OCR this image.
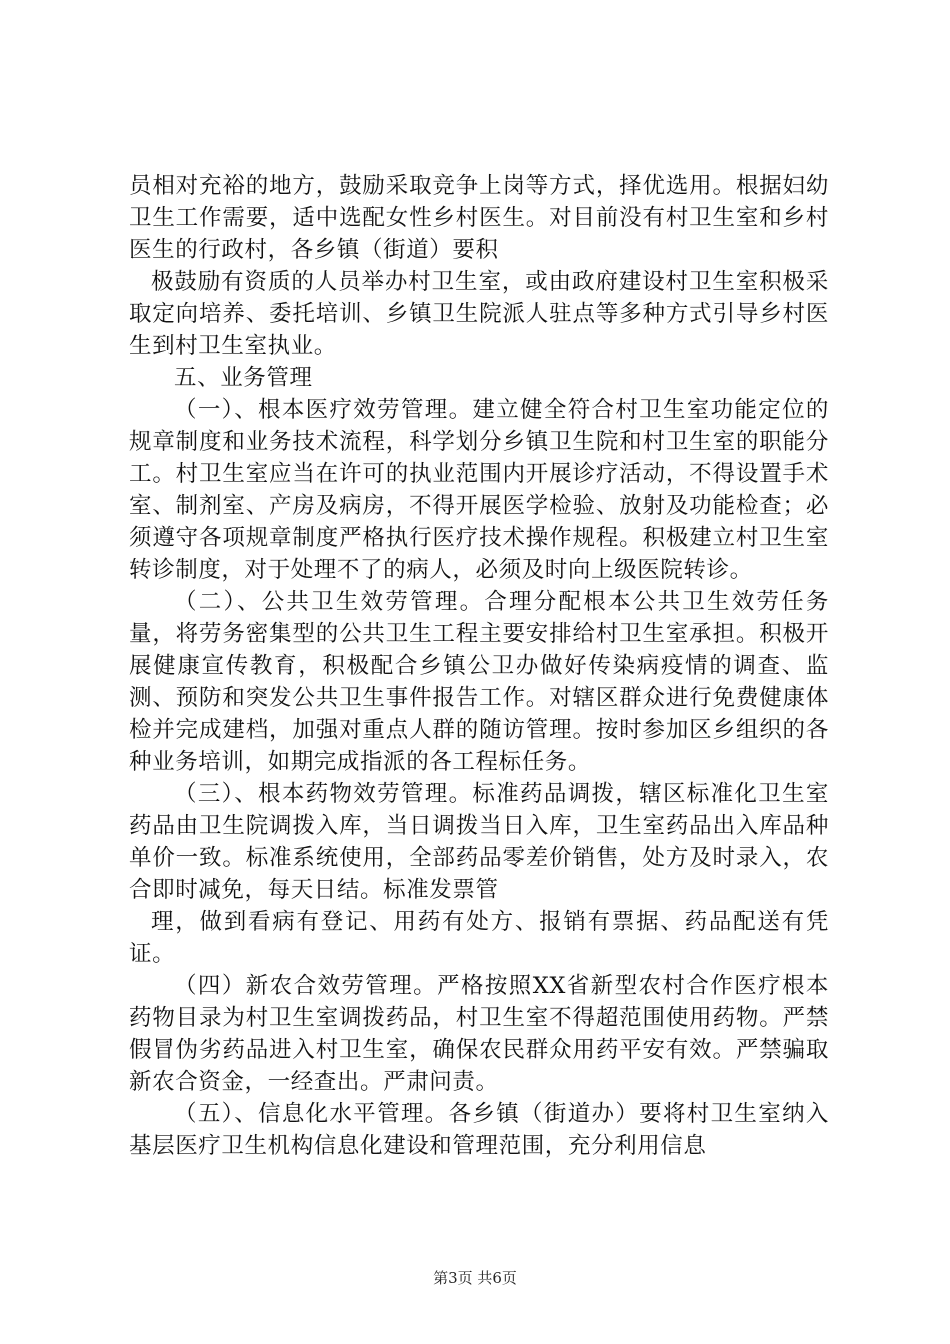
员相对充裕的地方，鼓励采取竞争上岗等方式，择优选用。根据妇幼卫生工作需要，适中选配女性乡村医生。对目前没有村卫生室和乡村医生的行政村，各乡镇（街道）要积

极鼓励有资质的人员举办村卫生室，或由政府建设村卫生室积极采取定向培养、委托培训、乡镇卫生院派人驻点等多种方式引导乡村医生到村卫生室执业。

五、业务管理

（一）、根本医疗效劳管理。建立健全符合村卫生室功能定位的规章制度和业务技术流程，科学划分乡镇卫生院和村卫生室的职能分工。村卫生室应当在许可的执业范围内开展诊疗活动，不得设置手术室、制剂室、产房及病房，不得开展医学检验、放射及功能检查；必须遵守各项规章制度严格执行医疗技术操作规程。积极建立村卫生室转诊制度，对于处理不了的病人，必须及时向上级医院转诊。

（二）、公共卫生效劳管理。合理分配根本公共卫生效劳任务量，将劳务密集型的公共卫生工程主要安排给村卫生室承担。积极开展健康宣传教育，积极配合乡镇公卫办做好传染病疫情的调查、监测、预防和突发公共卫生事件报告工作。对辖区群众进行免费健康体检并完成建档，加强对重点人群的随访管理。按时参加区乡组织的各种业务培训，如期完成指派的各工程标任务。

（三）、根本药物效劳管理。标准药品调拨，辖区标准化卫生室药品由卫生院调拨入库，当日调拨当日入库，卫生室药品出入库品种单价一致。标准系统使用，全部药品零差价销售，处方及时录入，农合即时减免，每天日结。标准发票管

理，做到看病有登记、用药有处方、报销有票据、药品配送有凭证。

（四）新农合效劳管理。严格按照XX省新型农村合作医疗根本药物目录为村卫生室调拨药品，村卫生室不得超范围使用药物。严禁假冒伪劣药品进入村卫生室，确保农民群众用药平安有效。严禁骗取新农合资金，一经查出。严肃问责。

（五）、信息化水平管理。各乡镇（街道办）要将村卫生室纳入基层医疗卫生机构信息化建设和管理范围，充分利用信息

第3页 共6页
